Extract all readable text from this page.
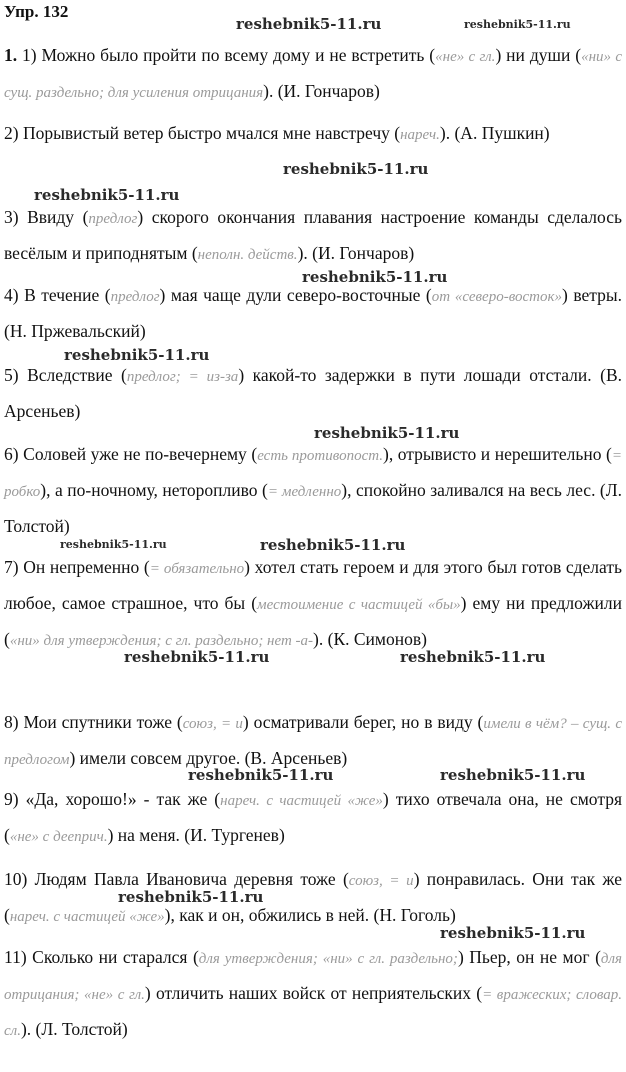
Упр. 132
1. 1) Можно было пройти по всему дому и не встретить («не» с гл.) ни души («ни» с сущ. раздельно; для усиления отрицания). (И. Гончаров)
2) Порывистый ветер быстро мчался мне навстречу (нареч.). (А. Пушкин)
3) Ввиду (предлог) скорого окончания плавания настроение команды сделалось весёлым и приподнятым (неполн. действ.). (И. Гончаров)
4) В течение (предлог) мая чаще дули северо-восточные (от «северо-восток») ветры. (Н. Пржевальский)
5) Вследствие (предлог; = из-за) какой-то задержки в пути лошади отстали. (В. Арсеньев)
6) Соловей уже не по-вечернему (есть противопост.), отрывисто и нерешительно (= робко), а по-ночному, неторопливо (= медленно), спокойно заливался на весь лес. (Л. Толстой)
7) Он непременно (= обязательно) хотел стать героем и для этого был готов сделать любое, самое страшное, что бы (местоимение с частицей «бы») ему ни предложили («ни» для утверждения; с гл. раздельно; нет -а-). (К. Симонов)
8) Мои спутники тоже (союз, = и) осматривали берег, но в виду (имели в чём? – сущ. с предлогом) имели совсем другое. (В. Арсеньев)
9) «Да, хорошо!» - так же (нареч. с частицей «же») тихо отвечала она, не смотря («не» с дееприч.) на меня. (И. Тургенев)
10) Людям Павла Ивановича деревня тоже (союз, = и) понравилась. Они так же (нареч. с частицей «же»), как и он, обжились в ней. (Н. Гоголь)
11) Сколько ни старался (для утверждения; «ни» с гл. раздельно;) Пьер, он не мог (для отрицания; «не» с гл.) отличить наших войск от неприятельских (= вражеских; словар. сл.). (Л. Толстой)
reshebnik5-11.ru	reshebnik5-11.ru
reshebnik5-11.ru
reshebnik5-11.ru
reshebnik5-11.ru
reshebnik5-11.ru
reshebnik5-11.ru
reshebnik5-11.ru	reshebnik5-11.ru
reshebnik5-11.ru	reshebnik5-11.ru
reshebnik5-11.ru	reshebnik5-11.ru
reshebnik5-11.ru
reshebnik5-11.ru
